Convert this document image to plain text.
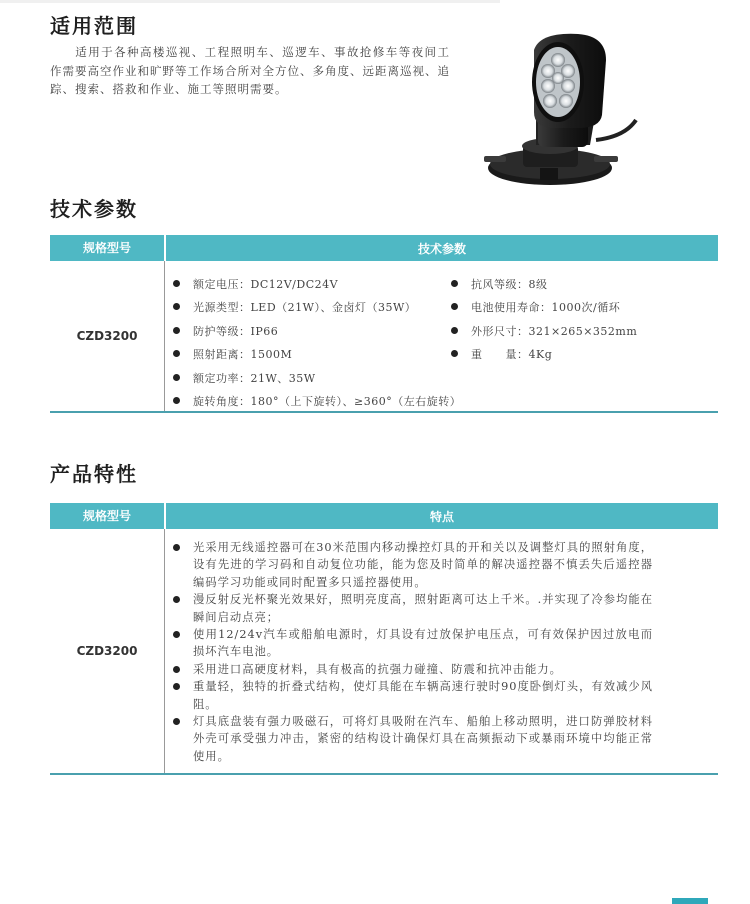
适用范围

适用于各种高楼巡视、工程照明车、巡逻车、事故抢修车等夜间工作需要高空作业和旷野等工作场合所对全方位、多角度、远距离巡视、追踪、搜索、搭救和作业、施工等照明需要。

技术参数
规格型号	技术参数
CZD3200
额定电压：DC12V/DC24V
光源类型：LED（21W）、金卤灯（35W）
防护等级：IP66
照射距离：1500M
额定功率：21W、35W
旋转角度：180°（上下旋转）、≥360°（左右旋转）
抗风等级：8级
电池使用寿命：1000次/循环
外形尺寸：321×265×352mm
重　　量：4Kg
产品特性
规格型号	特点
CZD3200
光采用无线遥控器可在30米范围内移动操控灯具的开和关以及调整灯具的照射角度，设有先进的学习码和自动复位功能，能为您及时简单的解决遥控器不慎丢失后遥控器编码学习功能或同时配置多只遥控器使用。
漫反射反光杯聚光效果好，照明亮度高，照射距离可达上千米。.并实现了冷参均能在瞬间启动点亮；
使用12/24v汽车或船舶电源时，灯具设有过放保护电压点，可有效保护因过放电而损坏汽车电池。
采用进口高硬度材料，具有极高的抗强力碰撞、防震和抗冲击能力。
重量轻，独特的折叠式结构，使灯具能在车辆高速行驶时90度卧倒灯头，有效减少风阻。
灯具底盘装有强力吸磁石，可将灯具吸附在汽车、船舶上移动照明，进口防弹胶材料外壳可承受强力冲击，紧密的结构设计确保灯具在高频振动下或暴雨环境中均能正常使用。
